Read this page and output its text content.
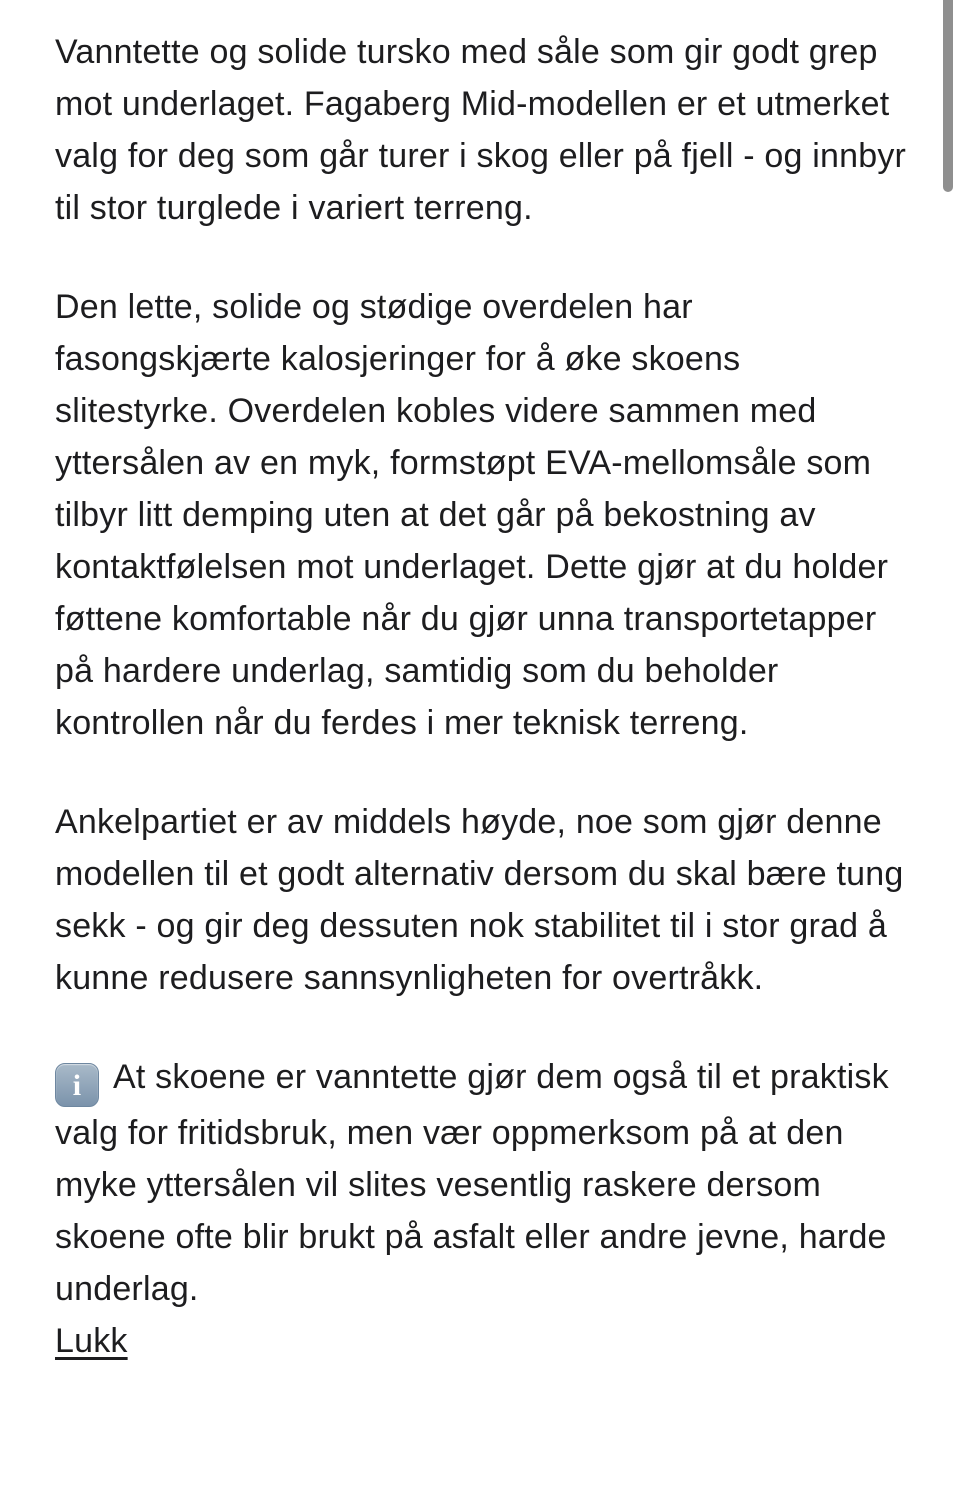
Vanntette og solide tursko med såle som gir godt grep mot underlaget. Fagaberg Mid-modellen er et utmerket valg for deg som går turer i skog eller på fjell - og innbyr til stor turglede i variert terreng.

Den lette, solide og stødige overdelen har fasongskjærte kalosjeringer for å øke skoens slitestyrke. Overdelen kobles videre sammen med yttersålen av en myk, formstøpt EVA-mellomsåle som tilbyr litt demping uten at det går på bekostning av kontaktfølelsen mot underlaget. Dette gjør at du holder føttene komfortable når du gjør unna transportetapper på hardere underlag, samtidig som du beholder kontrollen når du ferdes i mer teknisk terreng.

Ankelpartiet er av middels høyde, noe som gjør denne modellen til et godt alternativ dersom du skal bære tung sekk - og gir deg dessuten nok stabilitet til i stor grad å kunne redusere sannsynligheten for overtråkk.

i At skoene er vanntette gjør dem også til et praktisk valg for fritidsbruk, men vær oppmerksom på at den myke yttersålen vil slites vesentlig raskere dersom skoene ofte blir brukt på asfalt eller andre jevne, harde underlag.

Lukk
